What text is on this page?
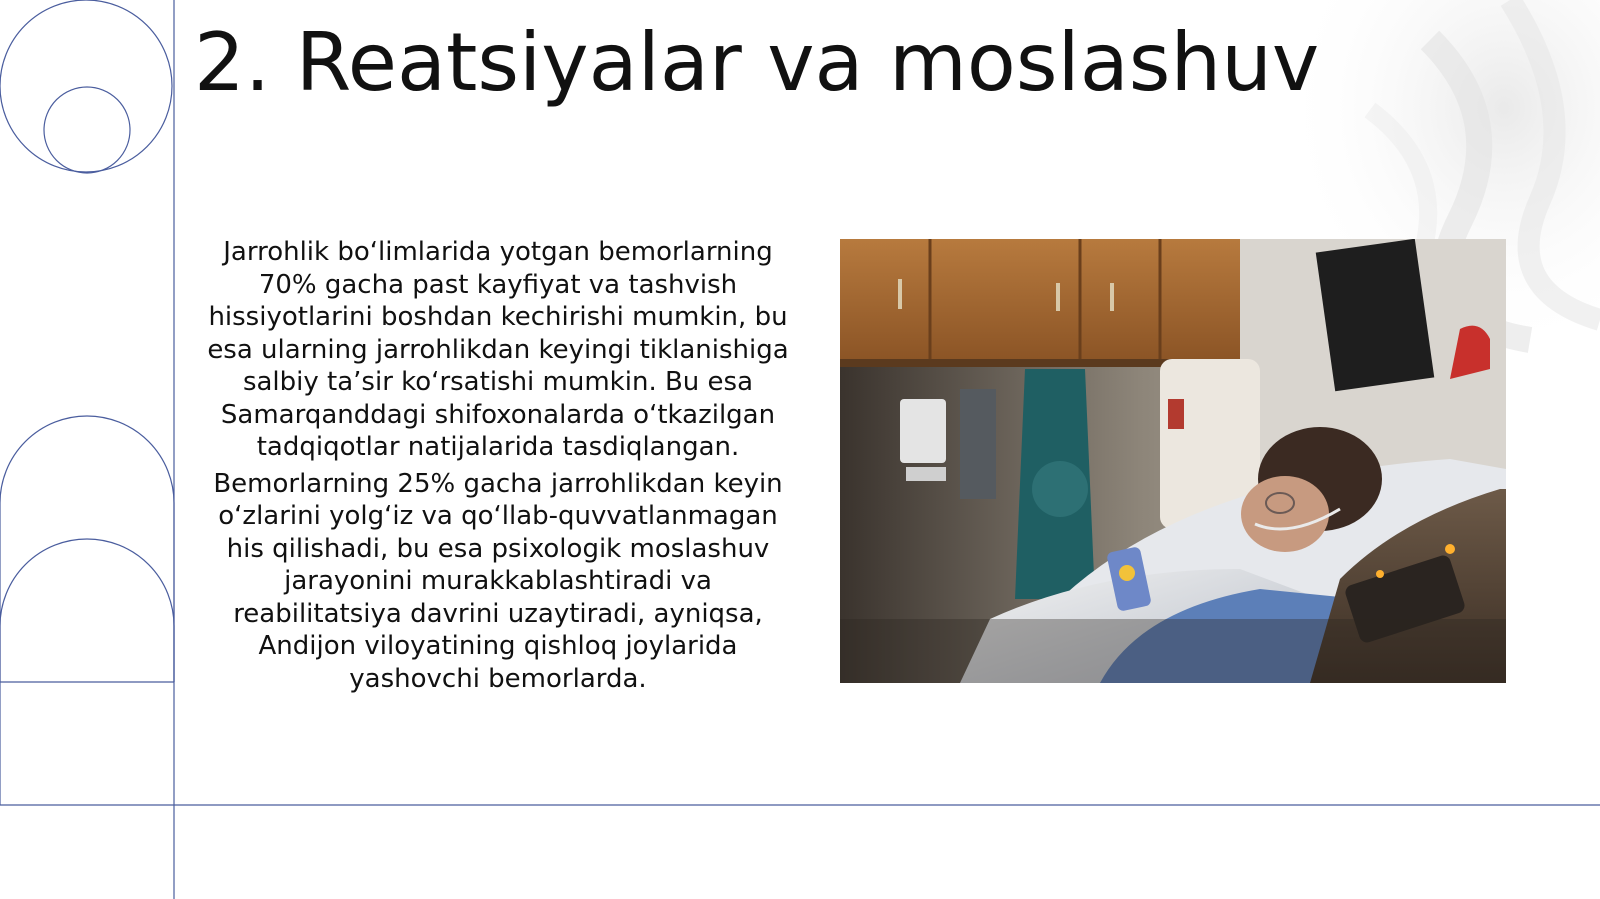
2. Reatsiyalar va moslashuv

Jarrohlik bo‘limlarida yotgan bemorlarning 70% gacha past kayfiyat va tashvish hissiyotlarini boshdan kechirishi mumkin, bu esa ularning jarrohlikdan keyingi tiklanishiga salbiy ta’sir ko‘rsatishi mumkin. Bu esa Samarqanddagi shifoxonalarda o‘tkazilgan tadqiqotlar natijalarida tasdiqlangan.

Bemorlarning 25% gacha jarrohlikdan keyin o‘zlarini yolg‘iz va qo‘llab-quvvatlanmagan his qilishadi, bu esa psixologik moslashuv jarayonini murakkablashtiradi va reabilitatsiya davrini uzaytiradi, ayniqsa, Andijon viloyatining qishloq joylarida yashovchi bemorlarda.
